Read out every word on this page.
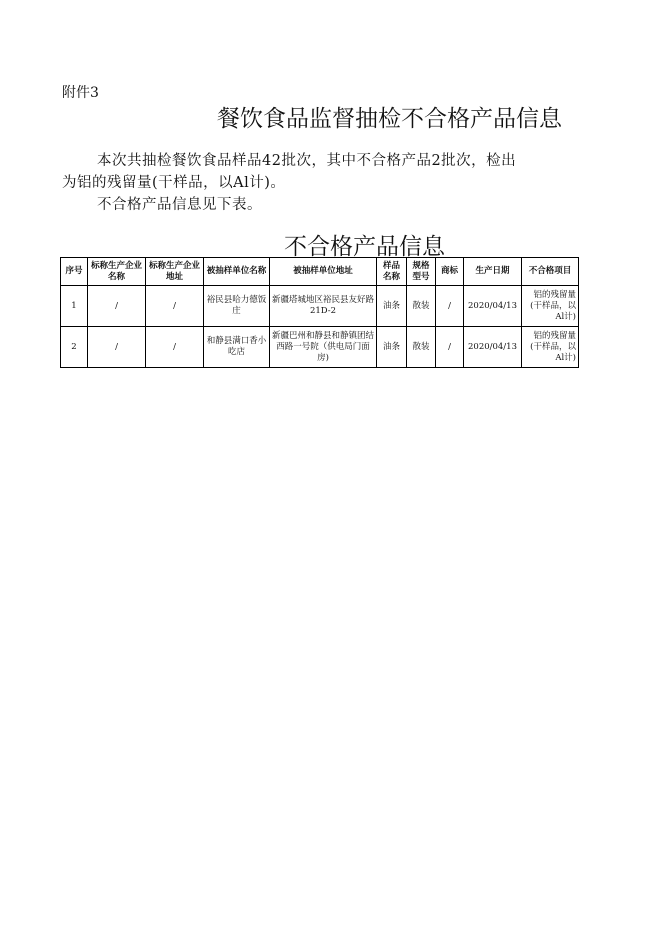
附件3
餐饮食品监督抽检不合格产品信息
本次共抽检餐饮食品样品42批次，其中不合格产品2批次，检出
为铝的残留量(干样品，以Al计)。
不合格产品信息见下表。
不合格产品信息
序号	标称生产企业名称	标称生产企业地址	被抽样单位名称	被抽样单位地址	样品名称	规格型号	商标	生产日期	不合格项目
1	/	/	裕民县哈力德饭庄	新疆塔城地区裕民县友好路21D-2	油条	散装	/	2020/04/13	铝的残留量(干样品，以Al计)
2	/	/	和静县满口香小吃店	新疆巴州和静县和静镇团结西路一号院（供电局门面房)	油条	散装	/	2020/04/13	铝的残留量(干样品，以Al计)
